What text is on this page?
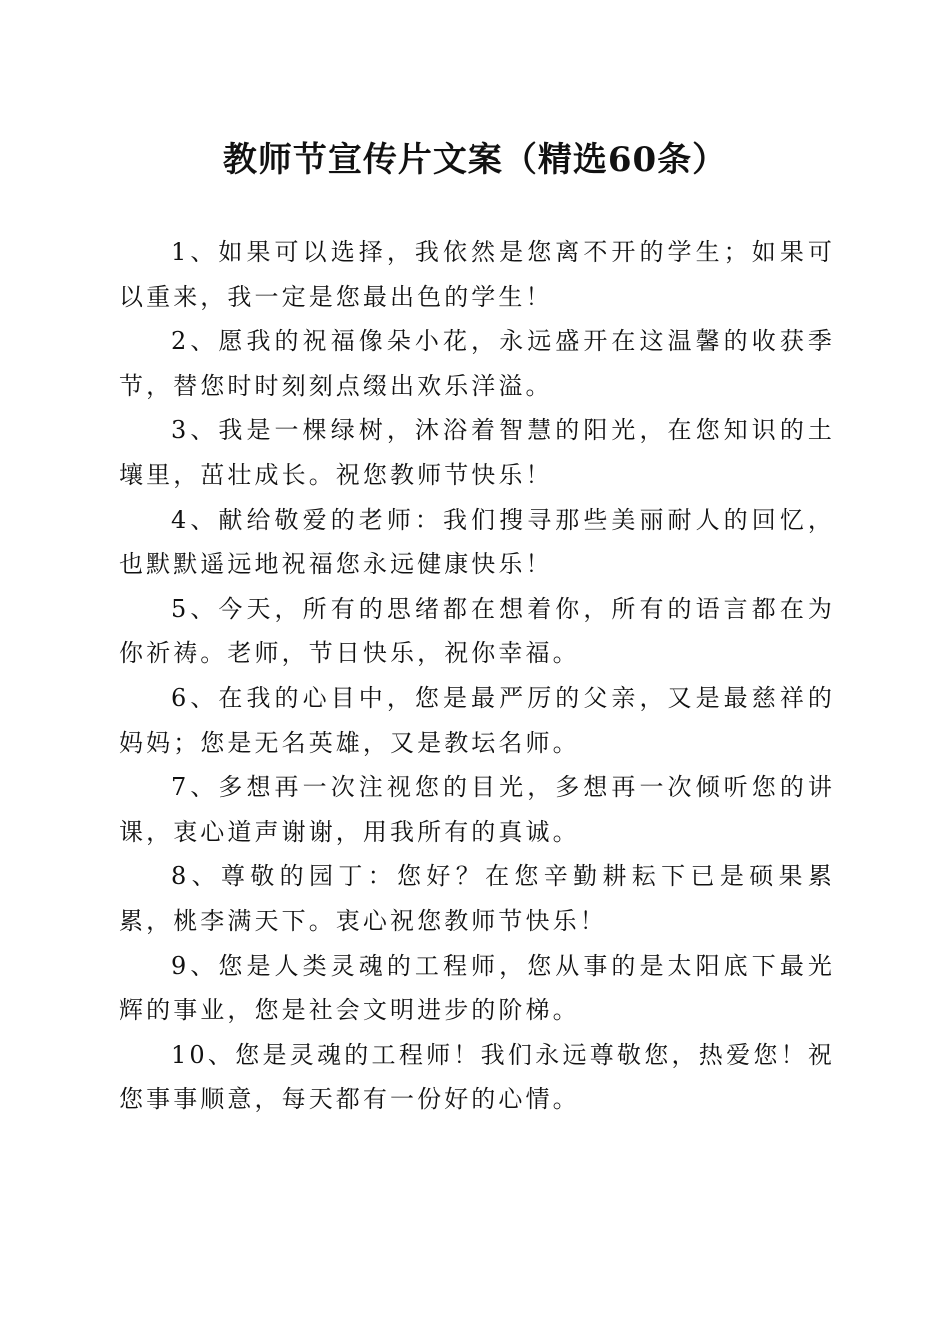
教师节宣传片文案（精选60条）

1、如果可以选择，我依然是您离不开的学生；如果可以重来，我一定是您最出色的学生！

2、愿我的祝福像朵小花，永远盛开在这温馨的收获季节，替您时时刻刻点缀出欢乐洋溢。

3、我是一棵绿树，沐浴着智慧的阳光，在您知识的土壤里，茁壮成长。祝您教师节快乐！

4、献给敬爱的老师：我们搜寻那些美丽耐人的回忆，也默默遥远地祝福您永远健康快乐！

5、今天，所有的思绪都在想着你，所有的语言都在为你祈祷。老师，节日快乐，祝你幸福。

6、在我的心目中，您是最严厉的父亲，又是最慈祥的妈妈；您是无名英雄，又是教坛名师。

7、多想再一次注视您的目光，多想再一次倾听您的讲课，衷心道声谢谢，用我所有的真诚。

8、尊敬的园丁：您好？在您辛勤耕耘下已是硕果累累，桃李满天下。衷心祝您教师节快乐！

9、您是人类灵魂的工程师，您从事的是太阳底下最光辉的事业，您是社会文明进步的阶梯。

10、您是灵魂的工程师！我们永远尊敬您，热爱您！祝您事事顺意，每天都有一份好的心情。
